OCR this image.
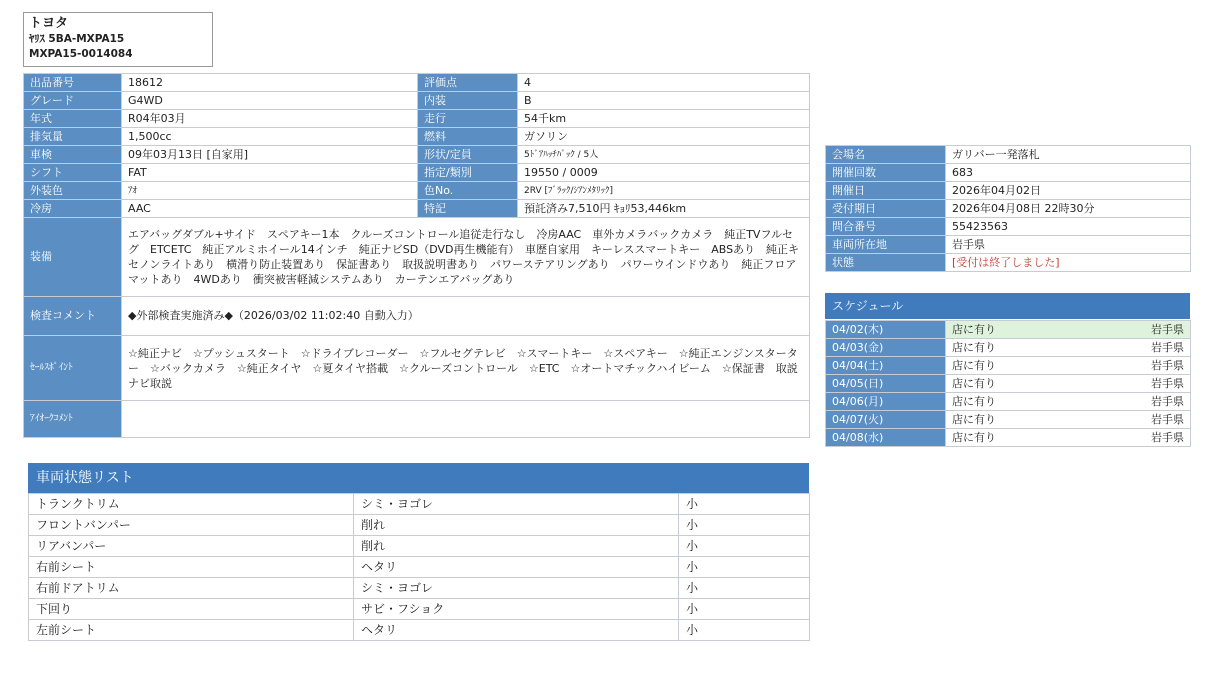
トヨタ
ﾔﾘｽ 5BA-MXPA15
MXPA15-0014084
出品番号	18612	評価点	4
グレード	G4WD	内装	B
年式	R04年03月	走行	54千km
排気量	1,500cc	燃料	ガソリン
車検	09年03月13日 [自家用]	形状/定員	5ﾄﾞｱﾊｯﾁﾊﾞｯｸ / 5人
シフト	FAT	指定/類別	19550 / 0009
外装色	ｱｵ	色No.	2RV [ﾌﾞﾗｯｸ/ｼｱﾝﾒﾀﾘｯｸ]
冷房	AAC	特記	預託済み7,510円 ｷｮﾘ53,446km
装備	エアバッグダブル+サイド　スペアキー1本　クルーズコントロール追従走行なし　冷房AAC　車外カメラバックカメラ　純正TVフルセグ　ETCETC　純正アルミホイール14インチ　純正ナビSD（DVD再生機能有）　車歴自家用　キーレススマートキー　ABSあり　純正キセノンライトあり　横滑り防止装置あり　保証書あり　取扱説明書あり　パワーステアリングあり　パワーウインドウあり　純正フロアマットあり　4WDあり　衝突被害軽減システムあり　カーテンエアバッグあり		
検査コメント	◆外部検査実施済み◆（2026/03/02 11:02:40 自動入力）		
ｾｰﾙｽﾎﾟｲﾝﾄ	☆純正ナビ　☆プッシュスタート　☆ドライブレコーダー　☆フルセグテレビ　☆スマートキー　☆スペアキー　☆純正エンジンスターター　☆バックカメラ　☆純正タイヤ　☆夏タイヤ搭載　☆クルーズコントロール　☆ETC　☆オートマチックハイビーム　☆保証書　取説　ナビ取説		
ｱｲｵｰｸｺﾒﾝﾄ			
会場名	ガリバー一発落札
開催回数	683
開催日	2026年04月02日
受付期日	2026年04月08日 22時30分
問合番号	55423563
車両所在地	岩手県
状態	[受付は終了しました]
スケジュール
04/02(木)	店に有り 岩手県

04/03(金)	店に有り 岩手県

04/04(土)	店に有り 岩手県

04/05(日)	店に有り 岩手県

04/06(月)	店に有り 岩手県

04/07(火)	店に有り 岩手県

04/08(水)	店に有り 岩手県
車両状態リスト
トランクトリム	シミ・ヨゴレ	小
フロントバンパー	削れ	小
リアバンパー	削れ	小
右前シート	ヘタリ	小
右前ドアトリム	シミ・ヨゴレ	小
下回り	サビ・フショク	小
左前シート	ヘタリ	小
